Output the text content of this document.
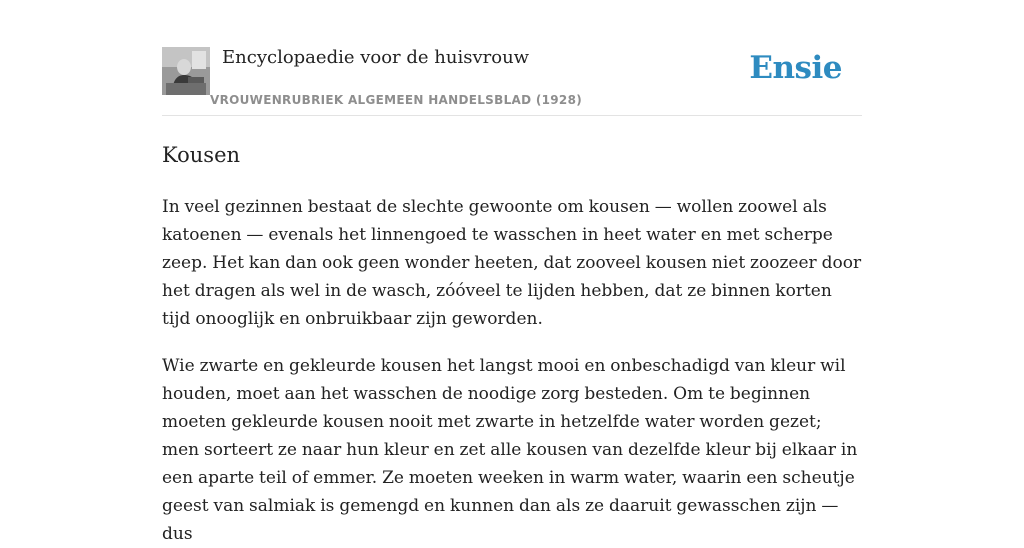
Encyclopaedie voor de huisvrouw
VROUWENRUBRIEK ALGEMEEN HANDELSBLAD (1928)
Ensie
Kousen

In veel gezinnen bestaat de slechte gewoonte om kousen — wollen zoowel als katoenen — evenals het linnengoed te wasschen in heet water en met scherpe zeep. Het kan dan ook geen wonder heeten, dat zooveel kousen niet zoozeer door het dragen als wel in de wasch, zóóveel te lijden hebben, dat ze binnen korten tijd onooglijk en onbruikbaar zijn geworden.

Wie zwarte en gekleurde kousen het langst mooi en onbeschadigd van kleur wil houden, moet aan het wasschen de noodige zorg besteden. Om te beginnen moeten gekleurde kousen nooit met zwarte in hetzelfde water worden gezet; men sorteert ze naar hun kleur en zet alle kousen van dezelfde kleur bij elkaar in een aparte teil of emmer. Ze moeten weeken in warm water, waarin een scheutje geest van salmiak is gemengd en kunnen dan als ze daaruit gewasschen zijn — dus
